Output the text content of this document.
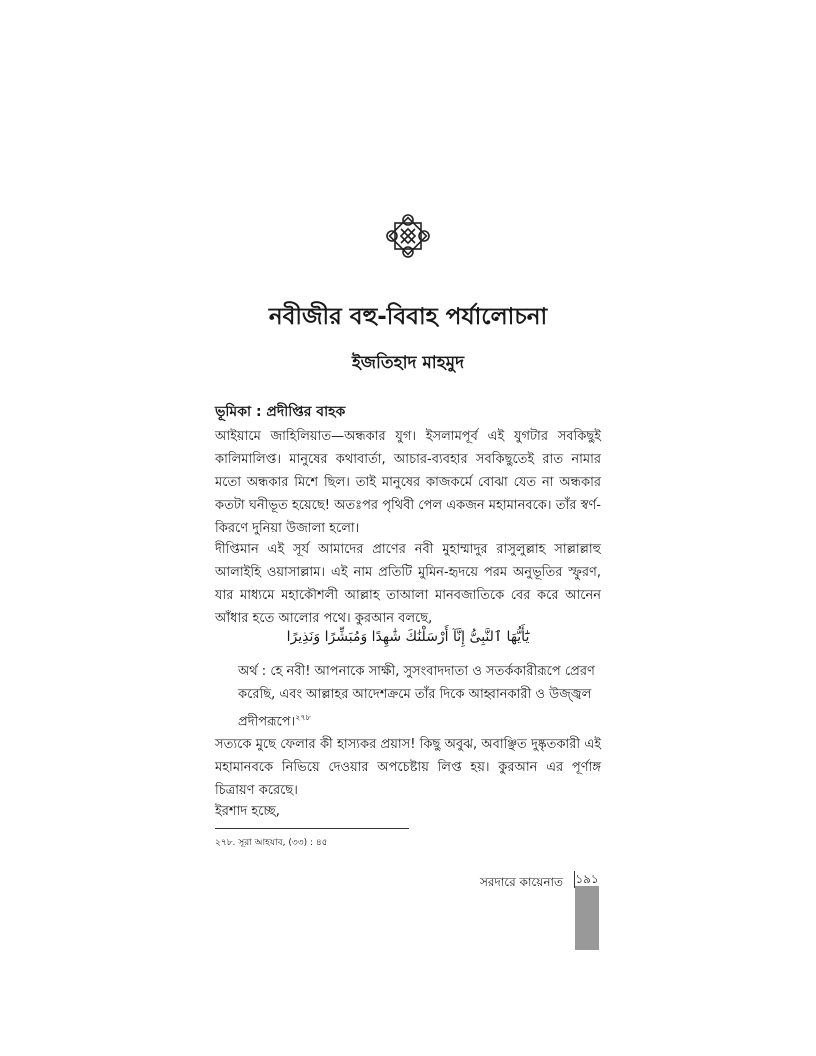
নবীজীর বহু-বিবাহ পর্যালোচনা
ইজতিহাদ মাহমুদ
ভূমিকা : প্রদীপ্তির বাহক

আইয়ামে জাহিলিয়াত—অন্ধকার যুগ। ইসলামপূর্ব এই যুগটার সবকিছুই কালিমালিপ্ত। মানুষের কথাবার্তা, আচার-ব্যবহার সবকিছুতেই রাত নামার মতো অন্ধকার মিশে ছিল। তাই মানুষের কাজকর্মে বোঝা যেত না অন্ধকার কতটা ঘনীভূত হয়েছে! অতঃপর পৃথিবী পেল একজন মহামানবকে। তাঁর স্বর্ণ-কিরণে দুনিয়া উজালা হলো।

দীপ্তিমান এই সূর্য আমাদের প্রাণের নবী মুহাম্মাদুর রাসুলুল্লাহ সাল্লাল্লাহু আলাইহি ওয়াসাল্লাম। এই নাম প্রতিটি মুমিন-হৃদয়ে পরম অনুভূতির স্ফুরণ, যার মাধ্যমে মহাকৌশলী আল্লাহ তাআলা মানবজাতিকে বের করে আনেন আঁধার হতে আলোর পথে। কুরআন বলছে,

يَٰٓأَيُّهَا ٱلنَّبِىُّ إِنَّآ أَرْسَلْنَٰكَ شَٰهِدًا وَمُبَشِّرًا وَنَذِيرًا

অর্থ : হে নবী! আপনাকে সাক্ষী, সুসংবাদদাতা ও সতর্ককারীরূপে প্রেরণ করেছি, এবং আল্লাহর আদেশক্রমে তাঁর দিকে আহ্বানকারী ও উজ্জ্বল প্রদীপরূপে।$^{২৭৮}$

সত্যকে মুছে ফেলার কী হাস্যকর প্রয়াস! কিছু অবুঝ, অবাঞ্ছিত দুষ্কৃতকারী এই মহামানবকে নিভিয়ে দেওয়ার অপচেষ্টায় লিপ্ত হয়। কুরআন এর পূর্ণাঙ্গ চিত্রায়ণ করেছে।

ইরশাদ হচ্ছে,

২৭৮. সূরা আহযাব, (৩৩) : ৪৫
সরদারে কায়েনাত ১৯১
